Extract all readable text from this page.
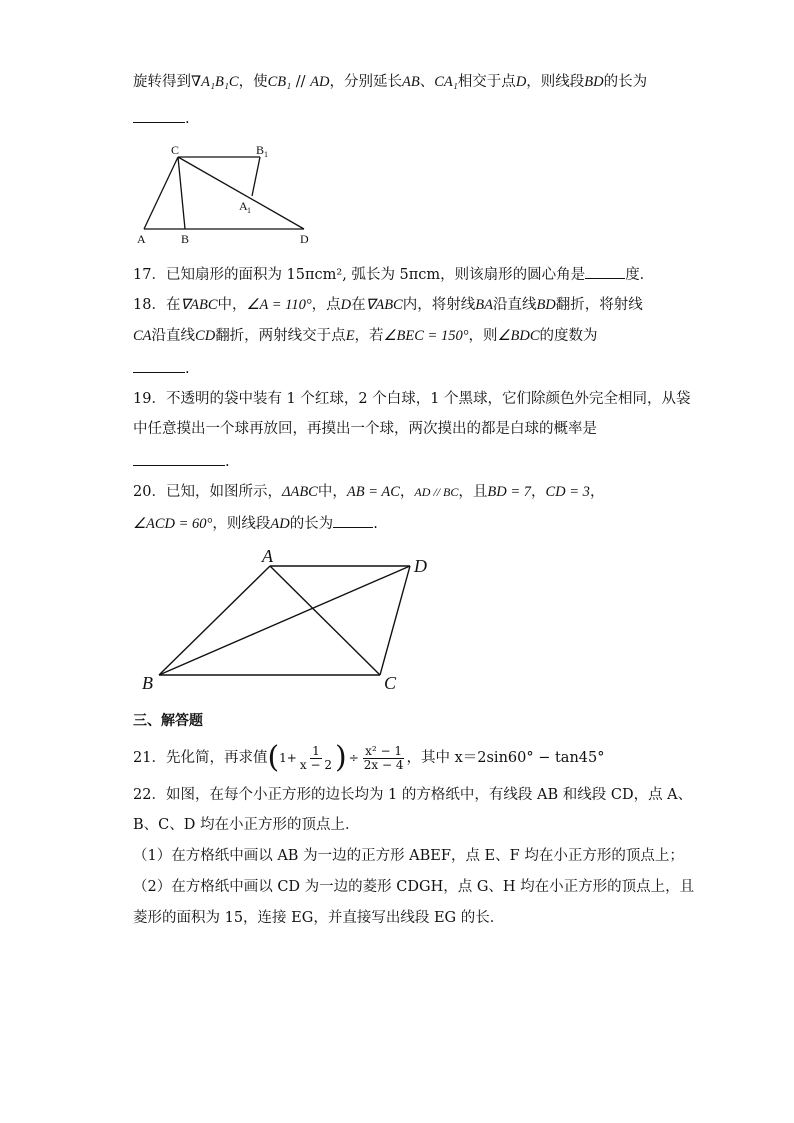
旋转得到∇A₁B₁C，使CB₁ // AD，分别延长AB、CA₁相交于点D，则线段BD的长为
.
C	B 1
A 1
A	B	D
17．已知扇形的面积为 15πcm², 弧长为 5πcm，则该扇形的圆心角是	度．
18．在∇ABC中，∠A = 110°，点D在∇ABC内，将射线BA沿直线BD翻折，将射线
CA沿直线CD翻折，两射线交于点E，若∠BEC = 150°，则∠BDC的度数为
.
19．不透明的袋中装有 1 个红球，2 个白球，1 个黑球，它们除颜色外完全相同，从袋
中任意摸出一个球再放回，再摸出一个球，两次摸出的都是白球的概率是
.
20．已知，如图所示，ΔABC中，AB = AC，AD // BC，且BD = 7，CD = 3，
∠ACD = 60°，则线段AD的长为	.
A	D
B	C
三、解答题
21．先化简，再求值 ( $1+ \frac{1}{x - 2}$ ) ÷ $\frac{\text{x² − 1}}{2x - 4}$ ，其中 x＝2sin60° − tan45°
22．如图，在每个小正方形的边长均为 1 的方格纸中，有线段 AB 和线段 CD，点 A、
B、C、D 均在小正方形的顶点上．
（1）在方格纸中画以 AB 为一边的正方形 ABEF，点 E、F 均在小正方形的顶点上；
（2）在方格纸中画以 CD 为一边的菱形 CDGH，点 G、H 均在小正方形的顶点上，且
菱形的面积为 15，连接 EG，并直接写出线段 EG 的长．
